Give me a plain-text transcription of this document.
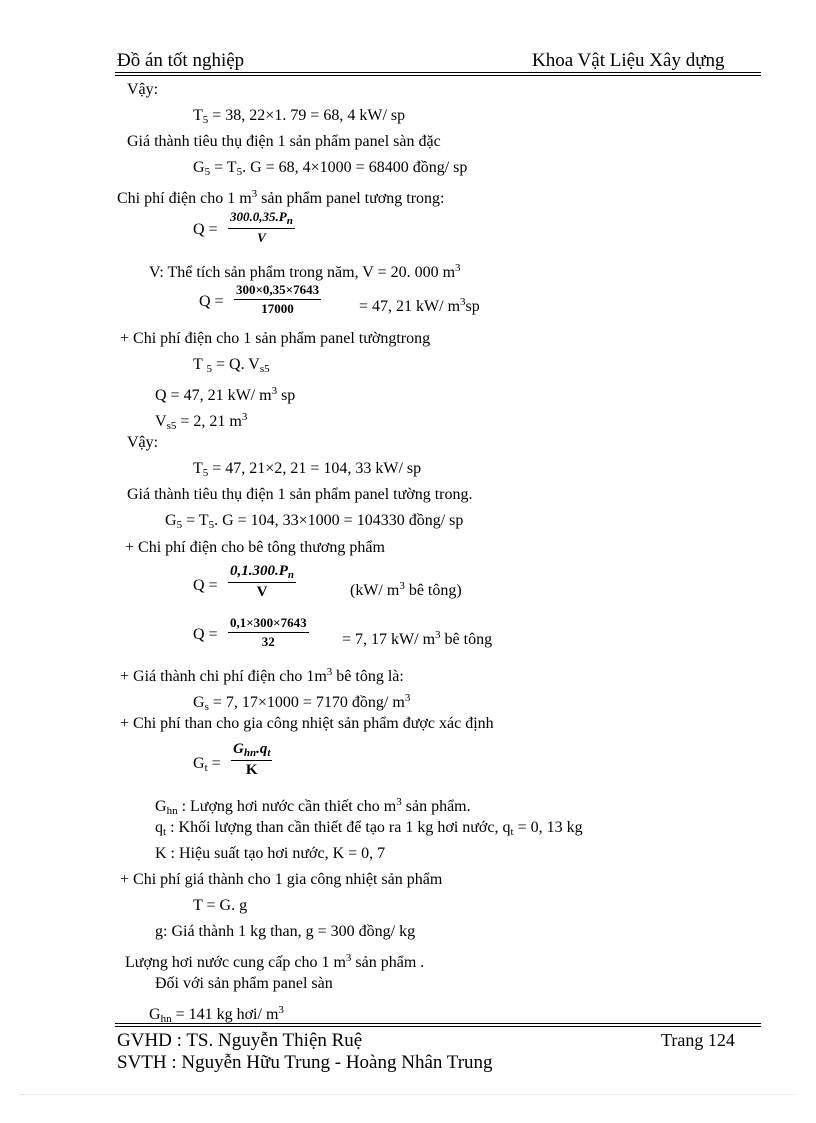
Đồ án tốt nghiệp	Khoa Vật Liệu Xây dựng
Vậy:
$T_5 = 38$, 22×1. 79 = 68, 4 kW/ sp
Giá thành tiêu thụ điện 1 sản phẩm panel sàn đặc
$G_5 = T_5$. G = 68, 4×1000 = 68400 đồng/ sp
Chi phí điện cho 1 $m^3$ sản phẩm panel tương trong:
$Q = \frac{300.0,35.P_n}{V}$
V: Thể tích sản phẩm trong năm, V = 20. 000 $m^3$
$Q = \frac{300\times 0,35\times 7643}{17000} = 47$, 21 kW/ $m^3sp$
+ Chi phí điện cho 1 sản phẩm panel tườngtrong
T $_5$ = Q. $V_{s5}$
Q = 47, 21 kW/ $m^3$ sp
$V_{s5} = 2$, 21 $m^3$
Vậy:
$T_5 = 47$, 21×2, 21 = 104, 33 kW/ sp
Giá thành tiêu thụ điện 1 sản phẩm panel tường trong.
$G_5 = T_5$. G = 104, 33×1000 = 104330 đồng/ sp
+ Chi phí điện cho bê tông thương phẩm
$Q = \frac{0,1.300.P_n}{V}$	(kW/ $m^3$ bê tông)
$Q = \frac{0,1\times 300\times 7643}{32} = 7$, 17 kW/ $m^3$ bê tông
+ Giá thành chi phí điện cho $1m^3$ bê tông là:
$G_s = 7$, 17×1000 = 7170 đồng/ $m^3$
+ Chi phí than cho gia công nhiệt sản phẩm được xác định
$G_t$ =
$G_{hn}.q_t$
K
$G_{hn}$ : Lượng hơi nước cần thiết cho $m^3$ sản phẩm.
$q_t$ : Khối lượng than cần thiết để tạo ra 1 kg hơi nước, $q_t = 0$, 13 kg
K : Hiệu suất tạo hơi nước, K = 0, 7
+ Chi phí giá thành cho 1 gia công nhiệt sản phẩm
T = G. g
g: Giá thành 1 kg than, g = 300 đồng/ kg
Lượng hơi nước cung cấp cho 1 $m^3$ sản phẩm .
Đối với sản phẩm panel sàn
$G_{hn} = 141$ kg hơi/ $m^3$
GVHD : TS. Nguyễn Thiện Ruệ	Trang 124
SVTH : Nguyễn Hữu Trung - Hoàng Nhân Trung
